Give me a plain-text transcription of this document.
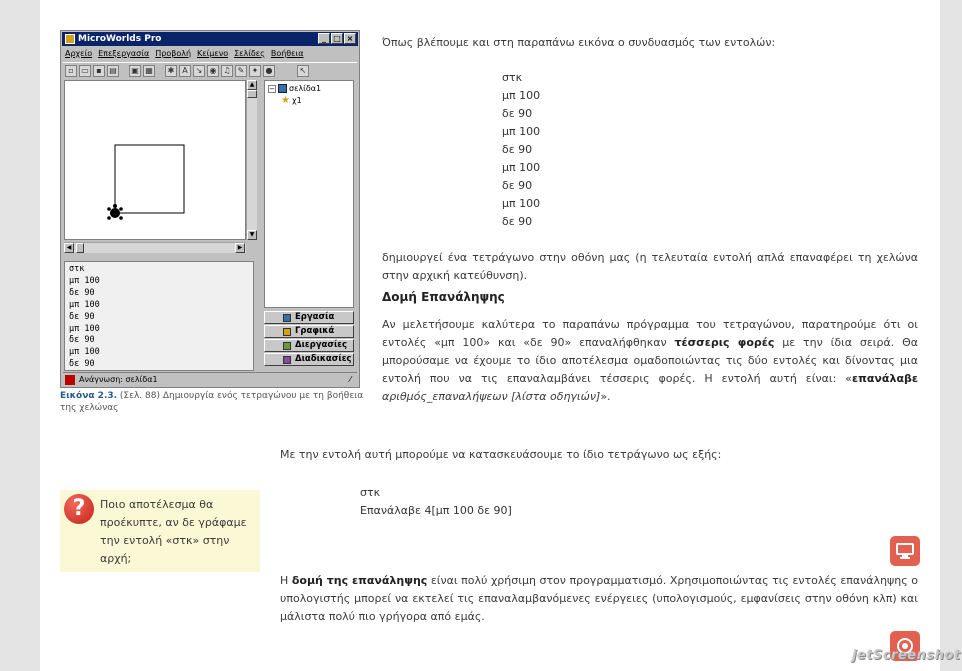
MicroWorlds Pro	_ □ ×
Αρχείο Επεξεργασία Προβολή Κείμενο Σελίδες Βοήθεια
▫ ▭ ▪ ▤ ▣ ▦	✱ A ↘ ◉ ♫ ✎ ✦ ●	↖
▲
▼
◀	▶
− σελίδα1
★ χ1
στκ
μπ 100
δε 90
μπ 100
δε 90
μπ 100
δε 90
μπ 100
δε 90
Εργασία
Γραφικά
Διεργασίες
Διαδικασίες
Ανάγνωση: σελίδα1	⁄
Εικόνα 2.3. (Σελ. 88) Δημιουργία ενός τετραγώνου με τη βοήθεια της χελώνας
Όπως βλέπουμε και στη παραπάνω εικόνα ο συνδυασμός των εντολών:
στκ
μπ 100
δε 90
μπ 100
δε 90
μπ 100
δε 90
μπ 100
δε 90
δημιουργεί ένα τετράγωνο στην οθόνη μας (η τελευταία εντολή απλά επαναφέρει τη χελώνα στην αρχική κατεύθυνση).
Δομή Επανάληψης
Αν μελετήσουμε καλύτερα το παραπάνω πρόγραμμα του τετραγώνου, παρατηρούμε ότι οι εντολές «μπ 100» και «δε 90» επαναλήφθηκαν τέσσερις φορές με την ίδια σειρά. Θα μπορούσαμε να έχουμε το ίδιο αποτέλεσμα ομαδοποιώντας τις δύο εντολές και δίνοντας μια εντολή που να τις επαναλαμβάνει τέσσερις φορές. Η εντολή αυτή είναι: «επανάλαβε αριθμός_επαναλήψεων [λίστα οδηγιών]».
Με την εντολή αυτή μπορούμε να κατασκευάσουμε το ίδιο τετράγωνο ως εξής:
στκ
Επανάλαβε 4[μπ 100 δε 90]
?	Ποιο αποτέλεσμα θα προέκυπτε, αν δε γράφαμε την εντολή «στκ» στην αρχή;
Η δομή της επανάληψης είναι πολύ χρήσιμη στον προγραμματισμό. Χρησιμοποιώντας τις εντολές επανάληψης ο υπολογιστής μπορεί να εκτελεί τις επαναλαμβανόμενες ενέργειες (υπολογισμούς, εμφανίσεις στην οθόνη κλπ) και μάλιστα πολύ πιο γρήγορα από εμάς.
jetScreenshot
